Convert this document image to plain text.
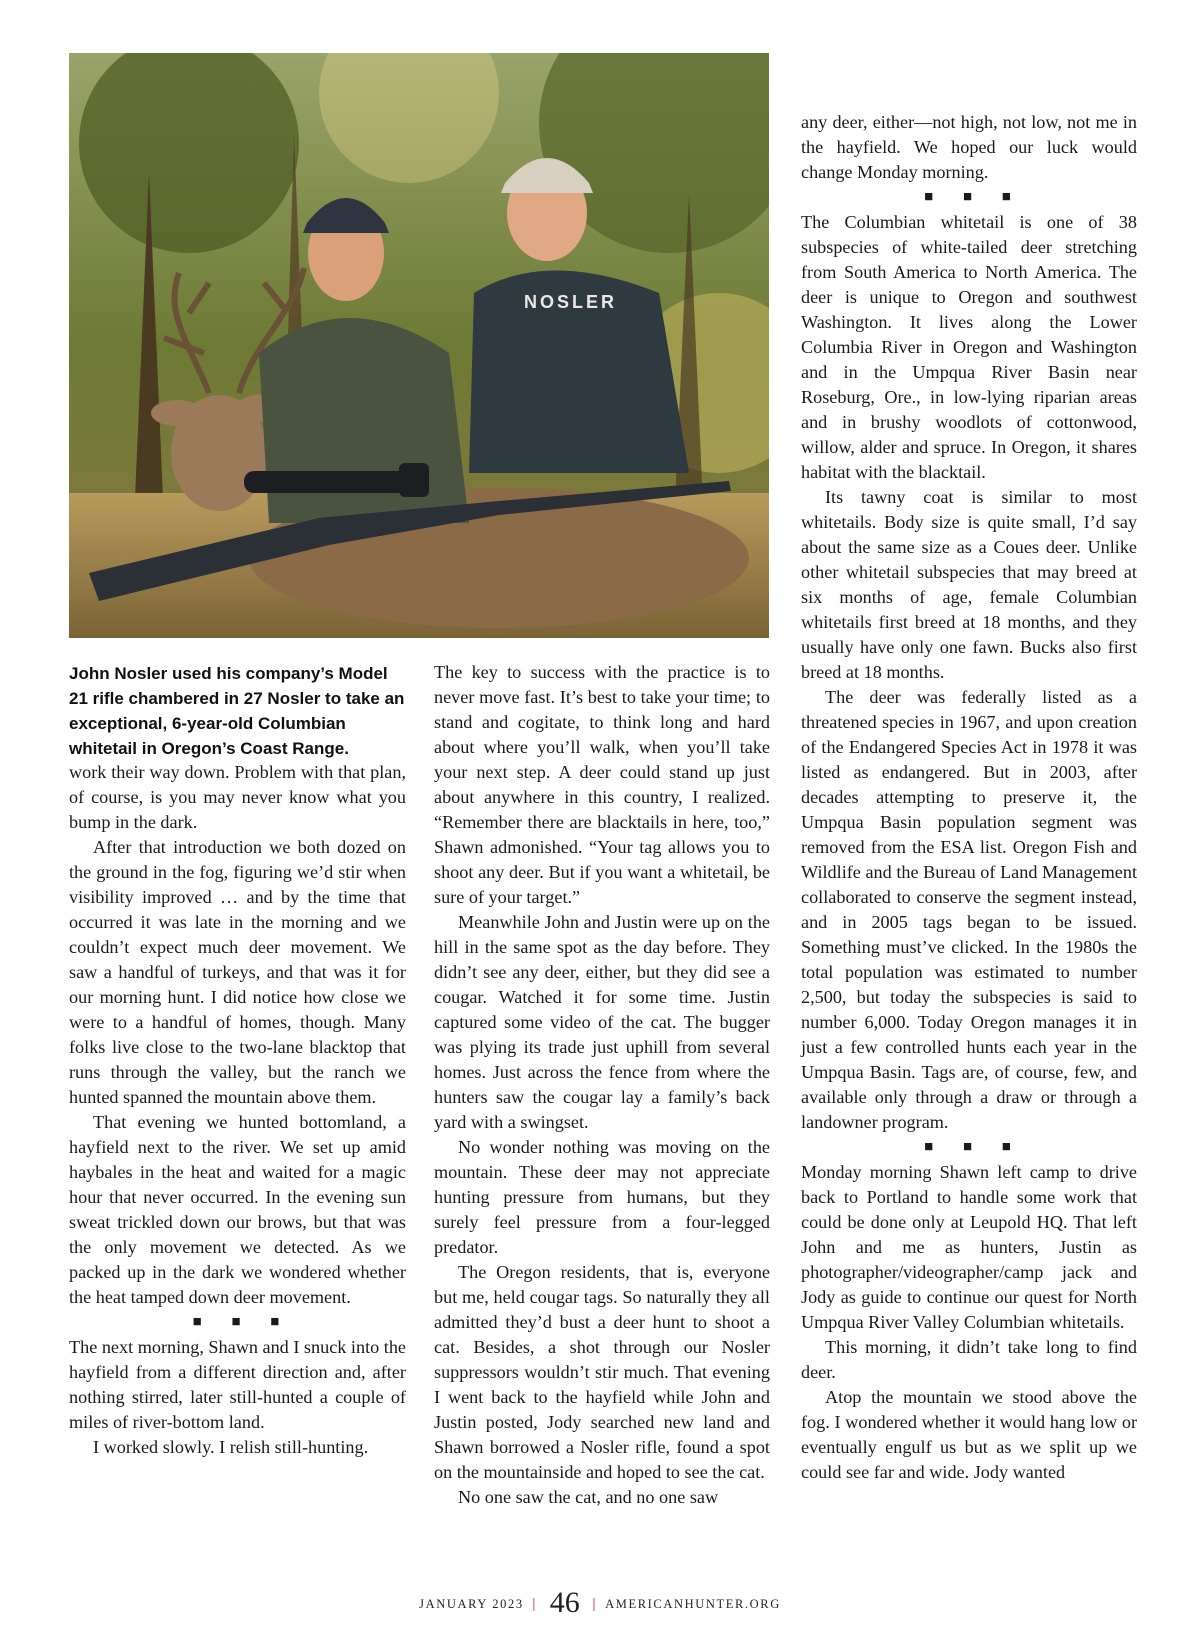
NOSLER
John Nosler used his company’s Model 21 rifle chambered in 27 Nosler to take an exceptional, 6-year-old Columbian whitetail in Oregon’s Coast Range.

work their way down. Problem with that plan, of course, is you may never know what you bump in the dark.

After that introduction we both dozed on the ground in the fog, figuring we’d stir when visibility improved … and by the time that occurred it was late in the morning and we couldn’t expect much deer movement. We saw a handful of turkeys, and that was it for our morning hunt. I did notice how close we were to a handful of homes, though. Many folks live close to the two-lane blacktop that runs through the valley, but the ranch we hunted spanned the mountain above them.

That evening we hunted bottomland, a hayfield next to the river. We set up amid haybales in the heat and waited for a magic hour that never occurred. In the evening sun sweat trickled down our brows, but that was the only movement we detected. As we packed up in the dark we wondered whether the heat tamped down deer movement.

■ ■ ■

The next morning, Shawn and I snuck into the hayfield from a different direction and, after nothing stirred, later still-hunted a couple of miles of river-bottom land.

I worked slowly. I relish still-hunting.

The key to success with the practice is to never move fast. It’s best to take your time; to stand and cogitate, to think long and hard about where you’ll walk, when you’ll take your next step. A deer could stand up just about anywhere in this country, I realized. “Remember there are blacktails in here, too,” Shawn admonished. “Your tag allows you to shoot any deer. But if you want a whitetail, be sure of your target.”

Meanwhile John and Justin were up on the hill in the same spot as the day before. They didn’t see any deer, either, but they did see a cougar. Watched it for some time. Justin captured some video of the cat. The bugger was plying its trade just uphill from several homes. Just across the fence from where the hunters saw the cougar lay a family’s back yard with a swingset.

No wonder nothing was moving on the mountain. These deer may not appreciate hunting pressure from humans, but they surely feel pressure from a four-legged predator.

The Oregon residents, that is, everyone but me, held cougar tags. So naturally they all admitted they’d bust a deer hunt to shoot a cat. Besides, a shot through our Nosler suppressors wouldn’t stir much. That evening I went back to the hayfield while John and Justin posted, Jody searched new land and Shawn borrowed a Nosler rifle, found a spot on the mountainside and hoped to see the cat.

No one saw the cat, and no one saw

any deer, either—not high, not low, not me in the hayfield. We hoped our luck would change Monday morning.

■ ■ ■

The Columbian whitetail is one of 38 subspecies of white-tailed deer stretching from South America to North America. The deer is unique to Oregon and southwest Washington. It lives along the Lower Columbia River in Oregon and Washington and in the Umpqua River Basin near Roseburg, Ore., in low-lying riparian areas and in brushy woodlots of cottonwood, willow, alder and spruce. In Oregon, it shares habitat with the blacktail.

Its tawny coat is similar to most whitetails. Body size is quite small, I’d say about the same size as a Coues deer. Unlike other whitetail subspecies that may breed at six months of age, female Columbian whitetails first breed at 18 months, and they usually have only one fawn. Bucks also first breed at 18 months.

The deer was federally listed as a threatened species in 1967, and upon creation of the Endangered Species Act in 1978 it was listed as endangered. But in 2003, after decades attempting to preserve it, the Umpqua Basin population segment was removed from the ESA list. Oregon Fish and Wildlife and the Bureau of Land Management collaborated to conserve the segment instead, and in 2005 tags began to be issued. Something must’ve clicked. In the 1980s the total population was estimated to number 2,500, but today the subspecies is said to number 6,000. Today Oregon manages it in just a few controlled hunts each year in the Umpqua Basin. Tags are, of course, few, and available only through a draw or through a landowner program.

■ ■ ■

Monday morning Shawn left camp to drive back to Portland to handle some work that could be done only at Leupold HQ. That left John and me as hunters, Justin as photographer/videographer/camp jack and Jody as guide to continue our quest for North Umpqua River Valley Columbian whitetails.

This morning, it didn’t take long to find deer.

Atop the mountain we stood above the fog. I wondered whether it would hang low or eventually engulf us but as we split up we could see far and wide. Jody wanted

JANUARY 2023 | 46 | AMERICANHUNTER.ORG
